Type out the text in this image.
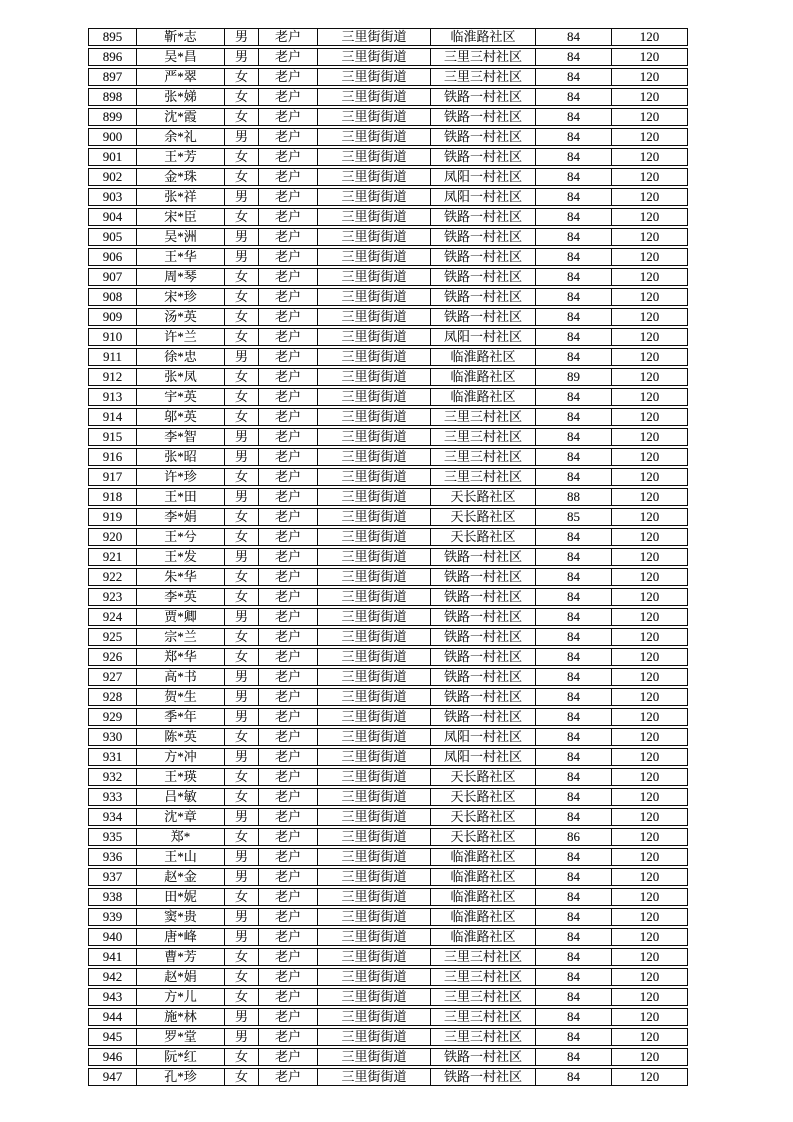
895	靳*志	男	老户	三里街街道	临淮路社区	84	120
896	吴*昌	男	老户	三里街街道	三里三村社区	84	120
897	严*翠	女	老户	三里街街道	三里三村社区	84	120
898	张*娣	女	老户	三里街街道	铁路一村社区	84	120
899	沈*霞	女	老户	三里街街道	铁路一村社区	84	120
900	余*礼	男	老户	三里街街道	铁路一村社区	84	120
901	王*芳	女	老户	三里街街道	铁路一村社区	84	120
902	金*珠	女	老户	三里街街道	凤阳一村社区	84	120
903	张*祥	男	老户	三里街街道	凤阳一村社区	84	120
904	宋*臣	女	老户	三里街街道	铁路一村社区	84	120
905	吴*洲	男	老户	三里街街道	铁路一村社区	84	120
906	王*华	男	老户	三里街街道	铁路一村社区	84	120
907	周*琴	女	老户	三里街街道	铁路一村社区	84	120
908	宋*珍	女	老户	三里街街道	铁路一村社区	84	120
909	汤*英	女	老户	三里街街道	铁路一村社区	84	120
910	许*兰	女	老户	三里街街道	凤阳一村社区	84	120
911	徐*忠	男	老户	三里街街道	临淮路社区	84	120
912	张*凤	女	老户	三里街街道	临淮路社区	89	120
913	宇*英	女	老户	三里街街道	临淮路社区	84	120
914	邬*英	女	老户	三里街街道	三里三村社区	84	120
915	李*智	男	老户	三里街街道	三里三村社区	84	120
916	张*昭	男	老户	三里街街道	三里三村社区	84	120
917	许*珍	女	老户	三里街街道	三里三村社区	84	120
918	王*田	男	老户	三里街街道	天长路社区	88	120
919	李*娟	女	老户	三里街街道	天长路社区	85	120
920	王*兮	女	老户	三里街街道	天长路社区	84	120
921	王*发	男	老户	三里街街道	铁路一村社区	84	120
922	朱*华	女	老户	三里街街道	铁路一村社区	84	120
923	李*英	女	老户	三里街街道	铁路一村社区	84	120
924	贾*卿	男	老户	三里街街道	铁路一村社区	84	120
925	宗*兰	女	老户	三里街街道	铁路一村社区	84	120
926	郑*华	女	老户	三里街街道	铁路一村社区	84	120
927	高*书	男	老户	三里街街道	铁路一村社区	84	120
928	贺*生	男	老户	三里街街道	铁路一村社区	84	120
929	季*年	男	老户	三里街街道	铁路一村社区	84	120
930	陈*英	女	老户	三里街街道	凤阳一村社区	84	120
931	方*冲	男	老户	三里街街道	凤阳一村社区	84	120
932	王*瑛	女	老户	三里街街道	天长路社区	84	120
933	吕*敏	女	老户	三里街街道	天长路社区	84	120
934	沈*章	男	老户	三里街街道	天长路社区	84	120
935	郑*	女	老户	三里街街道	天长路社区	86	120
936	王*山	男	老户	三里街街道	临淮路社区	84	120
937	赵*金	男	老户	三里街街道	临淮路社区	84	120
938	田*妮	女	老户	三里街街道	临淮路社区	84	120
939	窦*贵	男	老户	三里街街道	临淮路社区	84	120
940	唐*峰	男	老户	三里街街道	临淮路社区	84	120
941	曹*芳	女	老户	三里街街道	三里三村社区	84	120
942	赵*娟	女	老户	三里街街道	三里三村社区	84	120
943	方*儿	女	老户	三里街街道	三里三村社区	84	120
944	施*林	男	老户	三里街街道	三里三村社区	84	120
945	罗*堂	男	老户	三里街街道	三里三村社区	84	120
946	阮*红	女	老户	三里街街道	铁路一村社区	84	120
947	孔*珍	女	老户	三里街街道	铁路一村社区	84	120
